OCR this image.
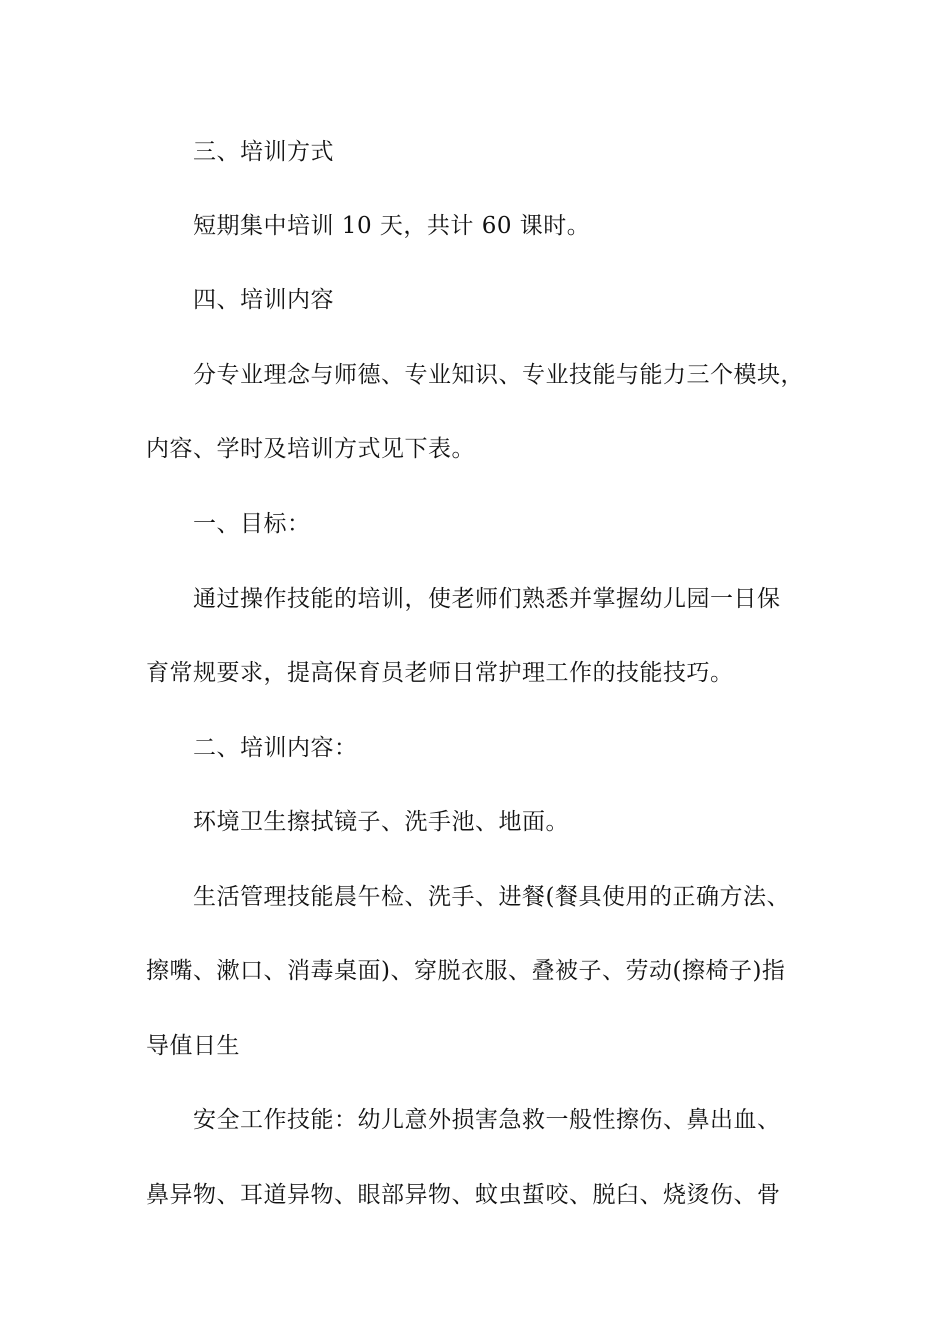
三、培训方式
短期集中培训 10 天，共计 60 课时。
四、培训内容
分专业理念与师德、专业知识、专业技能与能力三个模块，
内容、学时及培训方式见下表。
一、目标：
通过操作技能的培训，使老师们熟悉并掌握幼儿园一日保
育常规要求，提高保育员老师日常护理工作的技能技巧。
二、培训内容：
环境卫生擦拭镜子、洗手池、地面。
生活管理技能晨午检、洗手、进餐(餐具使用的正确方法、
擦嘴、漱口、消毒桌面)、穿脱衣服、叠被子、劳动(擦椅子)指
导值日生
安全工作技能：幼儿意外损害急救一般性擦伤、鼻出血、
鼻异物、耳道异物、眼部异物、蚊虫蜇咬、脱臼、烧烫伤、骨
